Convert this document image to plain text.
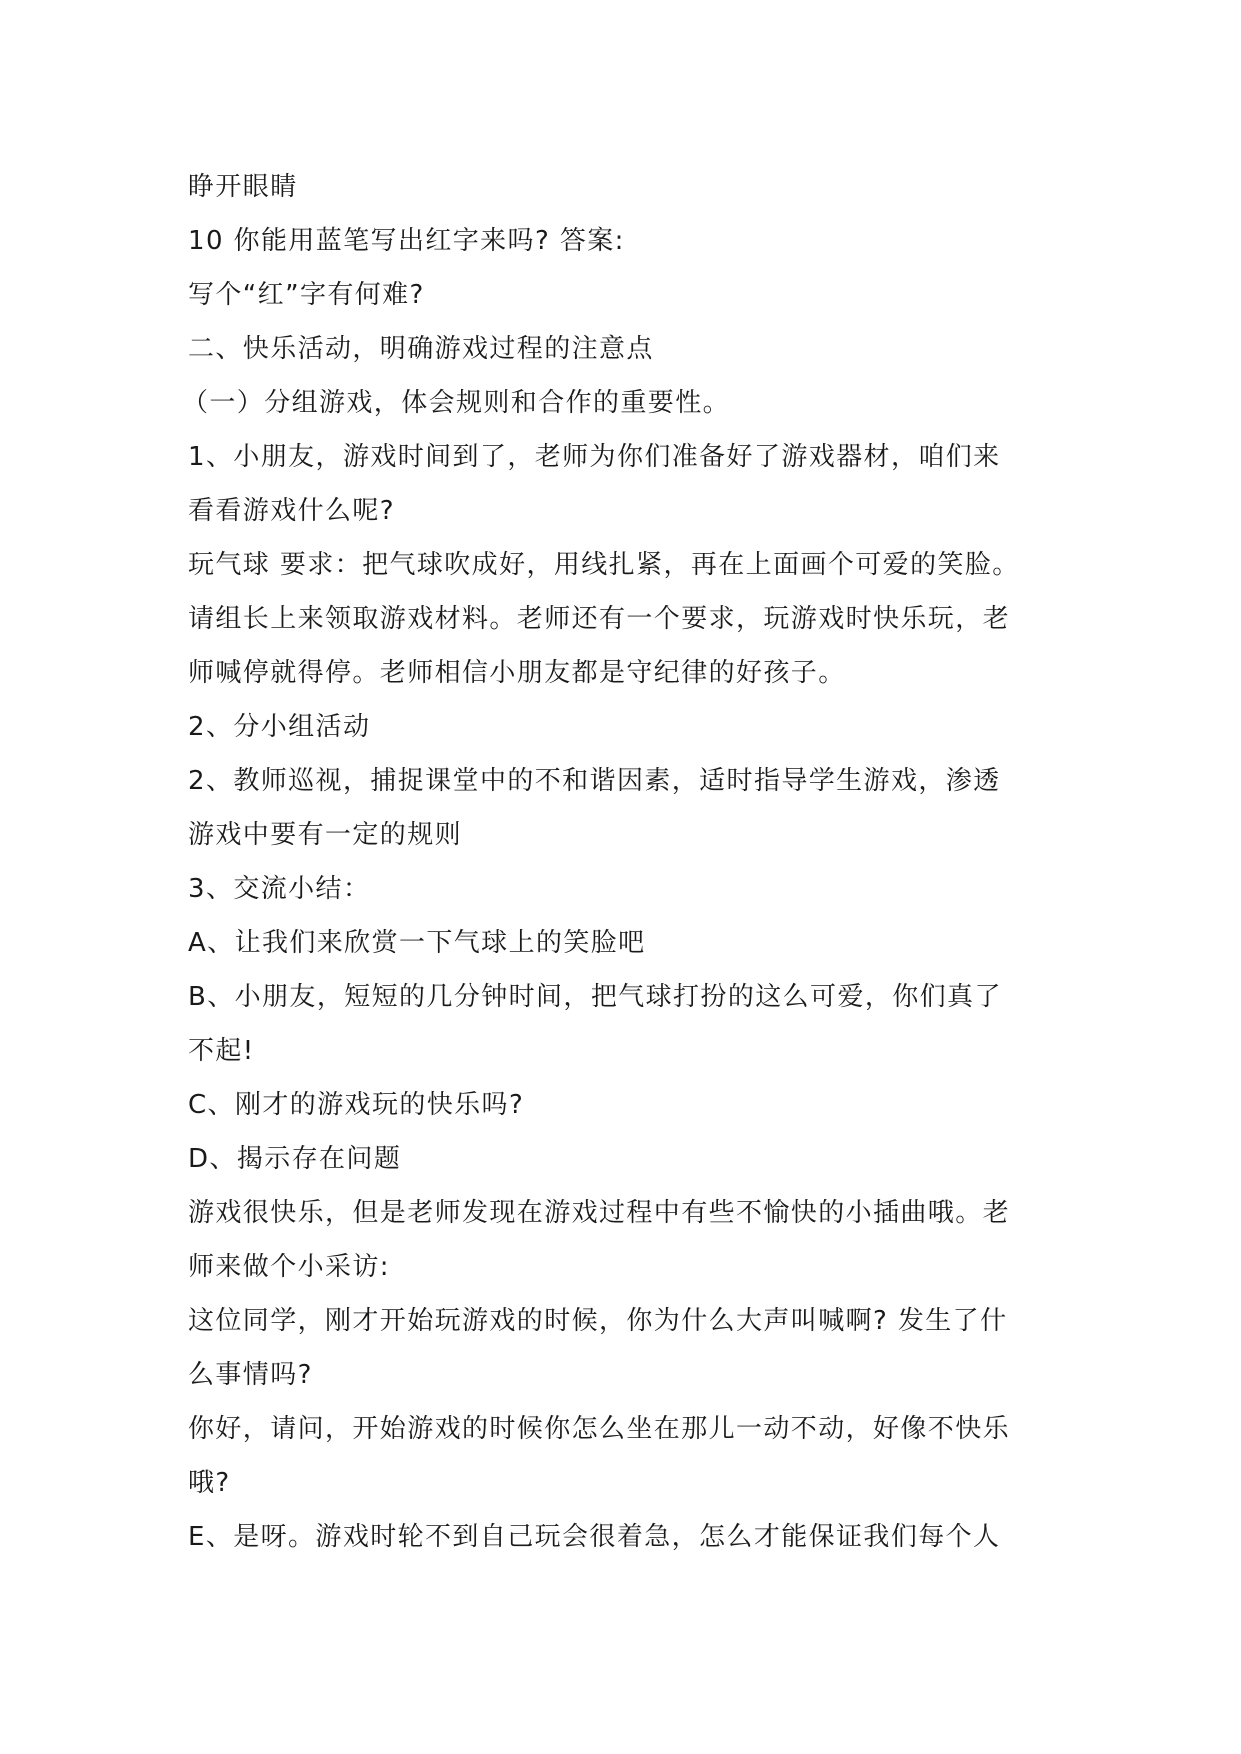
睁开眼睛
10 你能用蓝笔写出红字来吗? 答案:
写个“红”字有何难?
二、快乐活动，明确游戏过程的注意点
（一）分组游戏，体会规则和合作的重要性。
1、小朋友，游戏时间到了，老师为你们准备好了游戏器材，咱们来
看看游戏什么呢?
玩气球 要求：把气球吹成好，用线扎紧，再在上面画个可爱的笑脸。
请组长上来领取游戏材料。老师还有一个要求，玩游戏时快乐玩，老
师喊停就得停。老师相信小朋友都是守纪律的好孩子。
2、分小组活动
2、教师巡视，捕捉课堂中的不和谐因素，适时指导学生游戏，渗透
游戏中要有一定的规则
3、交流小结：
A、让我们来欣赏一下气球上的笑脸吧
B、小朋友，短短的几分钟时间，把气球打扮的这么可爱，你们真了
不起!
C、刚才的游戏玩的快乐吗?
D、揭示存在问题
游戏很快乐，但是老师发现在游戏过程中有些不愉快的小插曲哦。老
师来做个小采访:
这位同学，刚才开始玩游戏的时候，你为什么大声叫喊啊? 发生了什
么事情吗?
你好，请问，开始游戏的时候你怎么坐在那儿一动不动，好像不快乐
哦?
E、是呀。游戏时轮不到自己玩会很着急，怎么才能保证我们每个人
